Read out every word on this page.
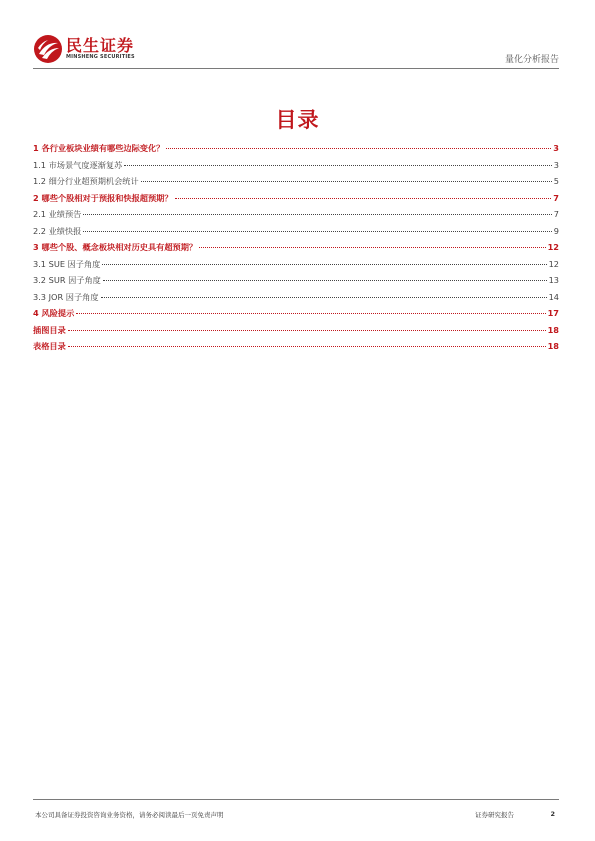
民生证券
MINSHENG SECURITIES	量化分析报告
目录
1 各行业板块业绩有哪些边际变化？	3
1.1 市场景气度逐渐复苏	3
1.2 细分行业超预期机会统计	5
2 哪些个股相对于预报和快报超预期？	7
2.1 业绩预告	7
2.2 业绩快报	9
3 哪些个股、概念板块相对历史具有超预期？	12
3.1 SUE 因子角度	12
3.2 SUR 因子角度	13
3.3 JOR 因子角度	14
4 风险提示	17
插图目录	18
表格目录	18
本公司具备证券投资咨询业务资格，请务必阅读最后一页免责声明	证券研究报告	2
